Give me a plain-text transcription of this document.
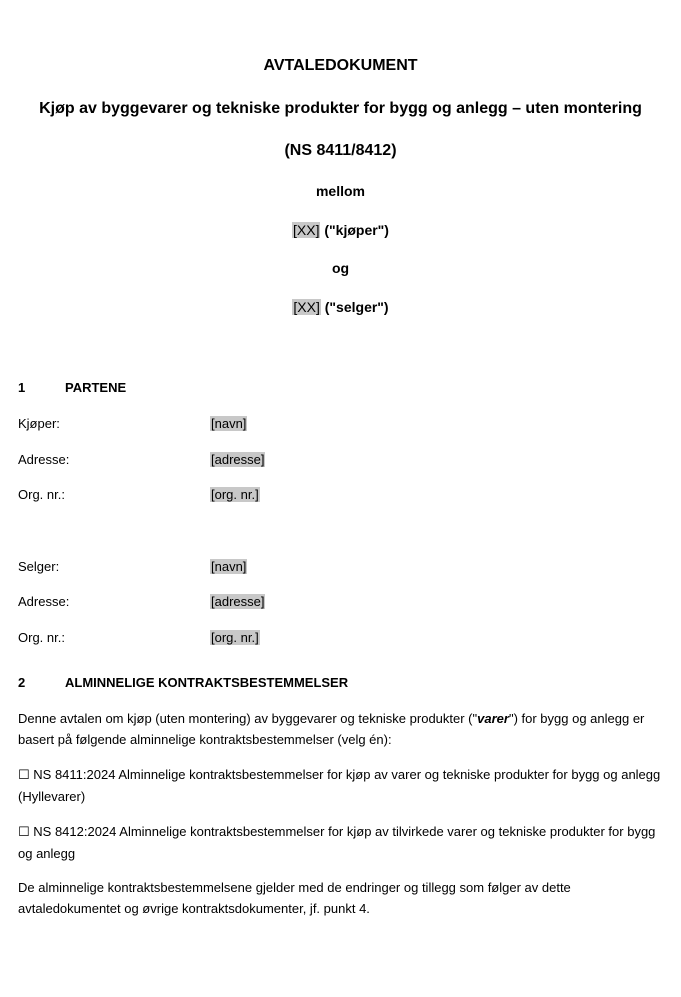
AVTALEDOKUMENT
Kjøp av byggevarer og tekniske produkter for bygg og anlegg – uten montering
(NS 8411/8412)
mellom
[XX] ("kjøper")
og
[XX] ("selger")
1	PARTENE
Kjøper:	[navn]
Adresse:	[adresse]
Org. nr.:	[org. nr.]
Selger:	[navn]
Adresse:	[adresse]
Org. nr.:	[org. nr.]
2	ALMINNELIGE KONTRAKTSBESTEMMELSER
Denne avtalen om kjøp (uten montering) av byggevarer og tekniske produkter ("varer") for bygg og anlegg er basert på følgende alminnelige kontraktsbestemmelser (velg én):
☐ NS 8411:2024 Alminnelige kontraktsbestemmelser for kjøp av varer og tekniske produkter for bygg og anlegg (Hyllevarer)
☐ NS 8412:2024 Alminnelige kontraktsbestemmelser for kjøp av tilvirkede varer og tekniske produkter for bygg og anlegg
De alminnelige kontraktsbestemmelsene gjelder med de endringer og tillegg som følger av dette avtaledokumentet og øvrige kontraktsdokumenter, jf. punkt 4.
